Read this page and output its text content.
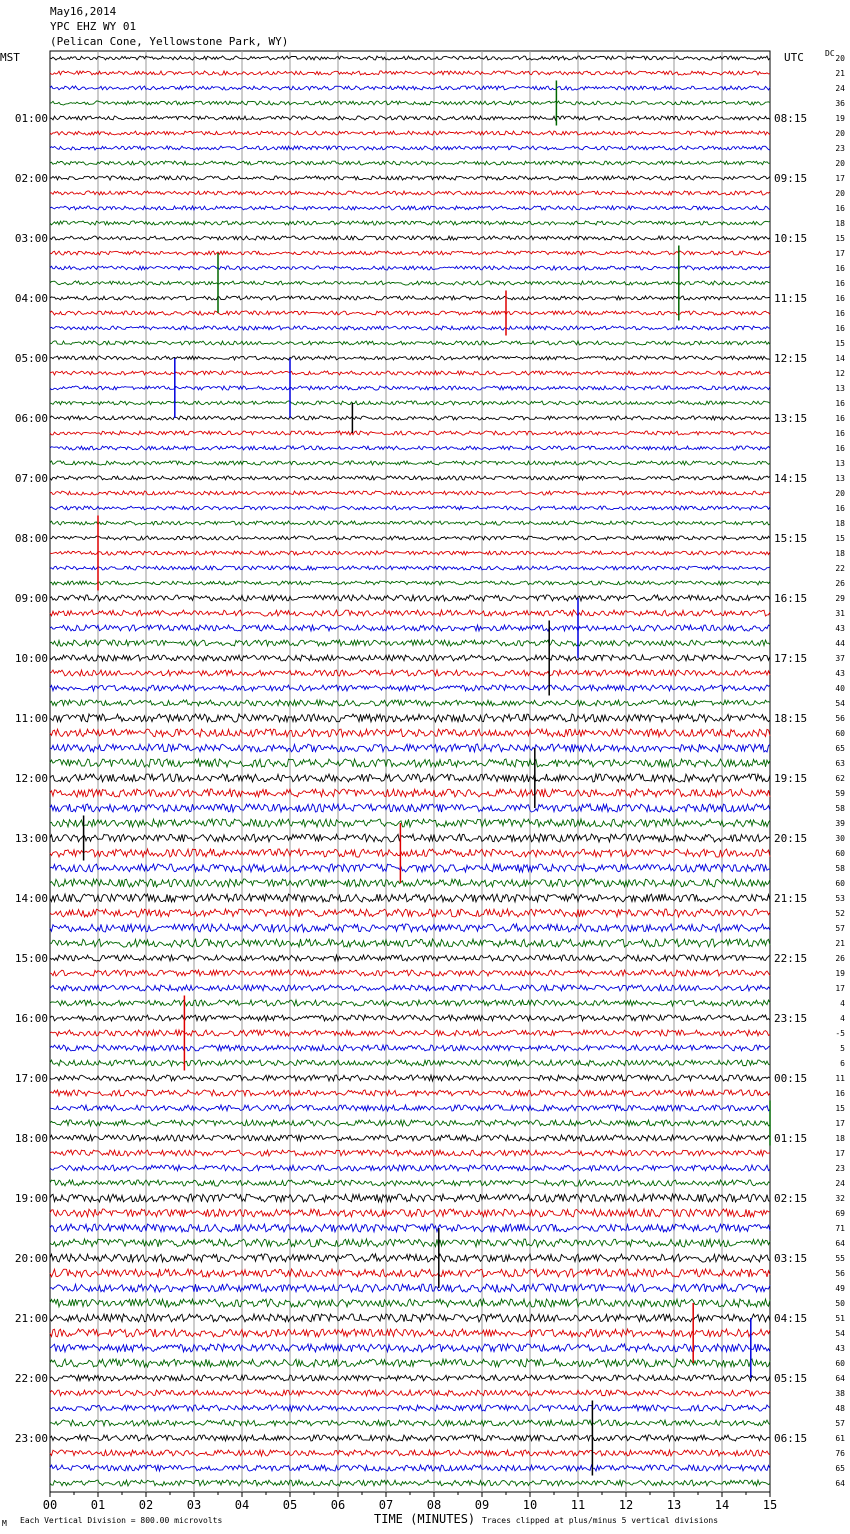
01:00	08:15
02:00	09:15
03:00	10:15
04:00	11:15
05:00	12:15
06:00	13:15
07:00	14:15
08:00	15:15
09:00	16:15
10:00	17:15
11:00	18:15
12:00	19:15
13:00	20:15
14:00	21:15
15:00	22:15
16:00	23:15
17:00	00:15
18:00	01:15
19:00	02:15
20:00	03:15
21:00	04:15
22:00	05:15
23:00	06:15
20
21
24
36
19
20
23
20
17
20
16
18
15
17
16
16
16
16
16
15
14
12
13
16
16
16
16
13
13
20
16
18
15
18
22
26
29
31
43
44
37
43
40
54
56
60
65
63
62
59
58
39
30
60
58
60
53
52
57
21
26
19
17
4
4
-5
5
6
11
16
15
17
18
17
23
24
32
69
71
64
55
56
49
50
51
54
43
60
64
38
48
57
61
76
65
64
00	01	02	03	04	05	06	07	08	09	10	11	12	13	14	15
May16,2014
YPC EHZ WY 01
(Pelican Cone, Yellowstone Park, WY)
MST	UTC	DC
TIME (MINUTES)
Each Vertical Division = 800.00 microvolts	Traces clipped at plus/minus 5 vertical divisions
M
